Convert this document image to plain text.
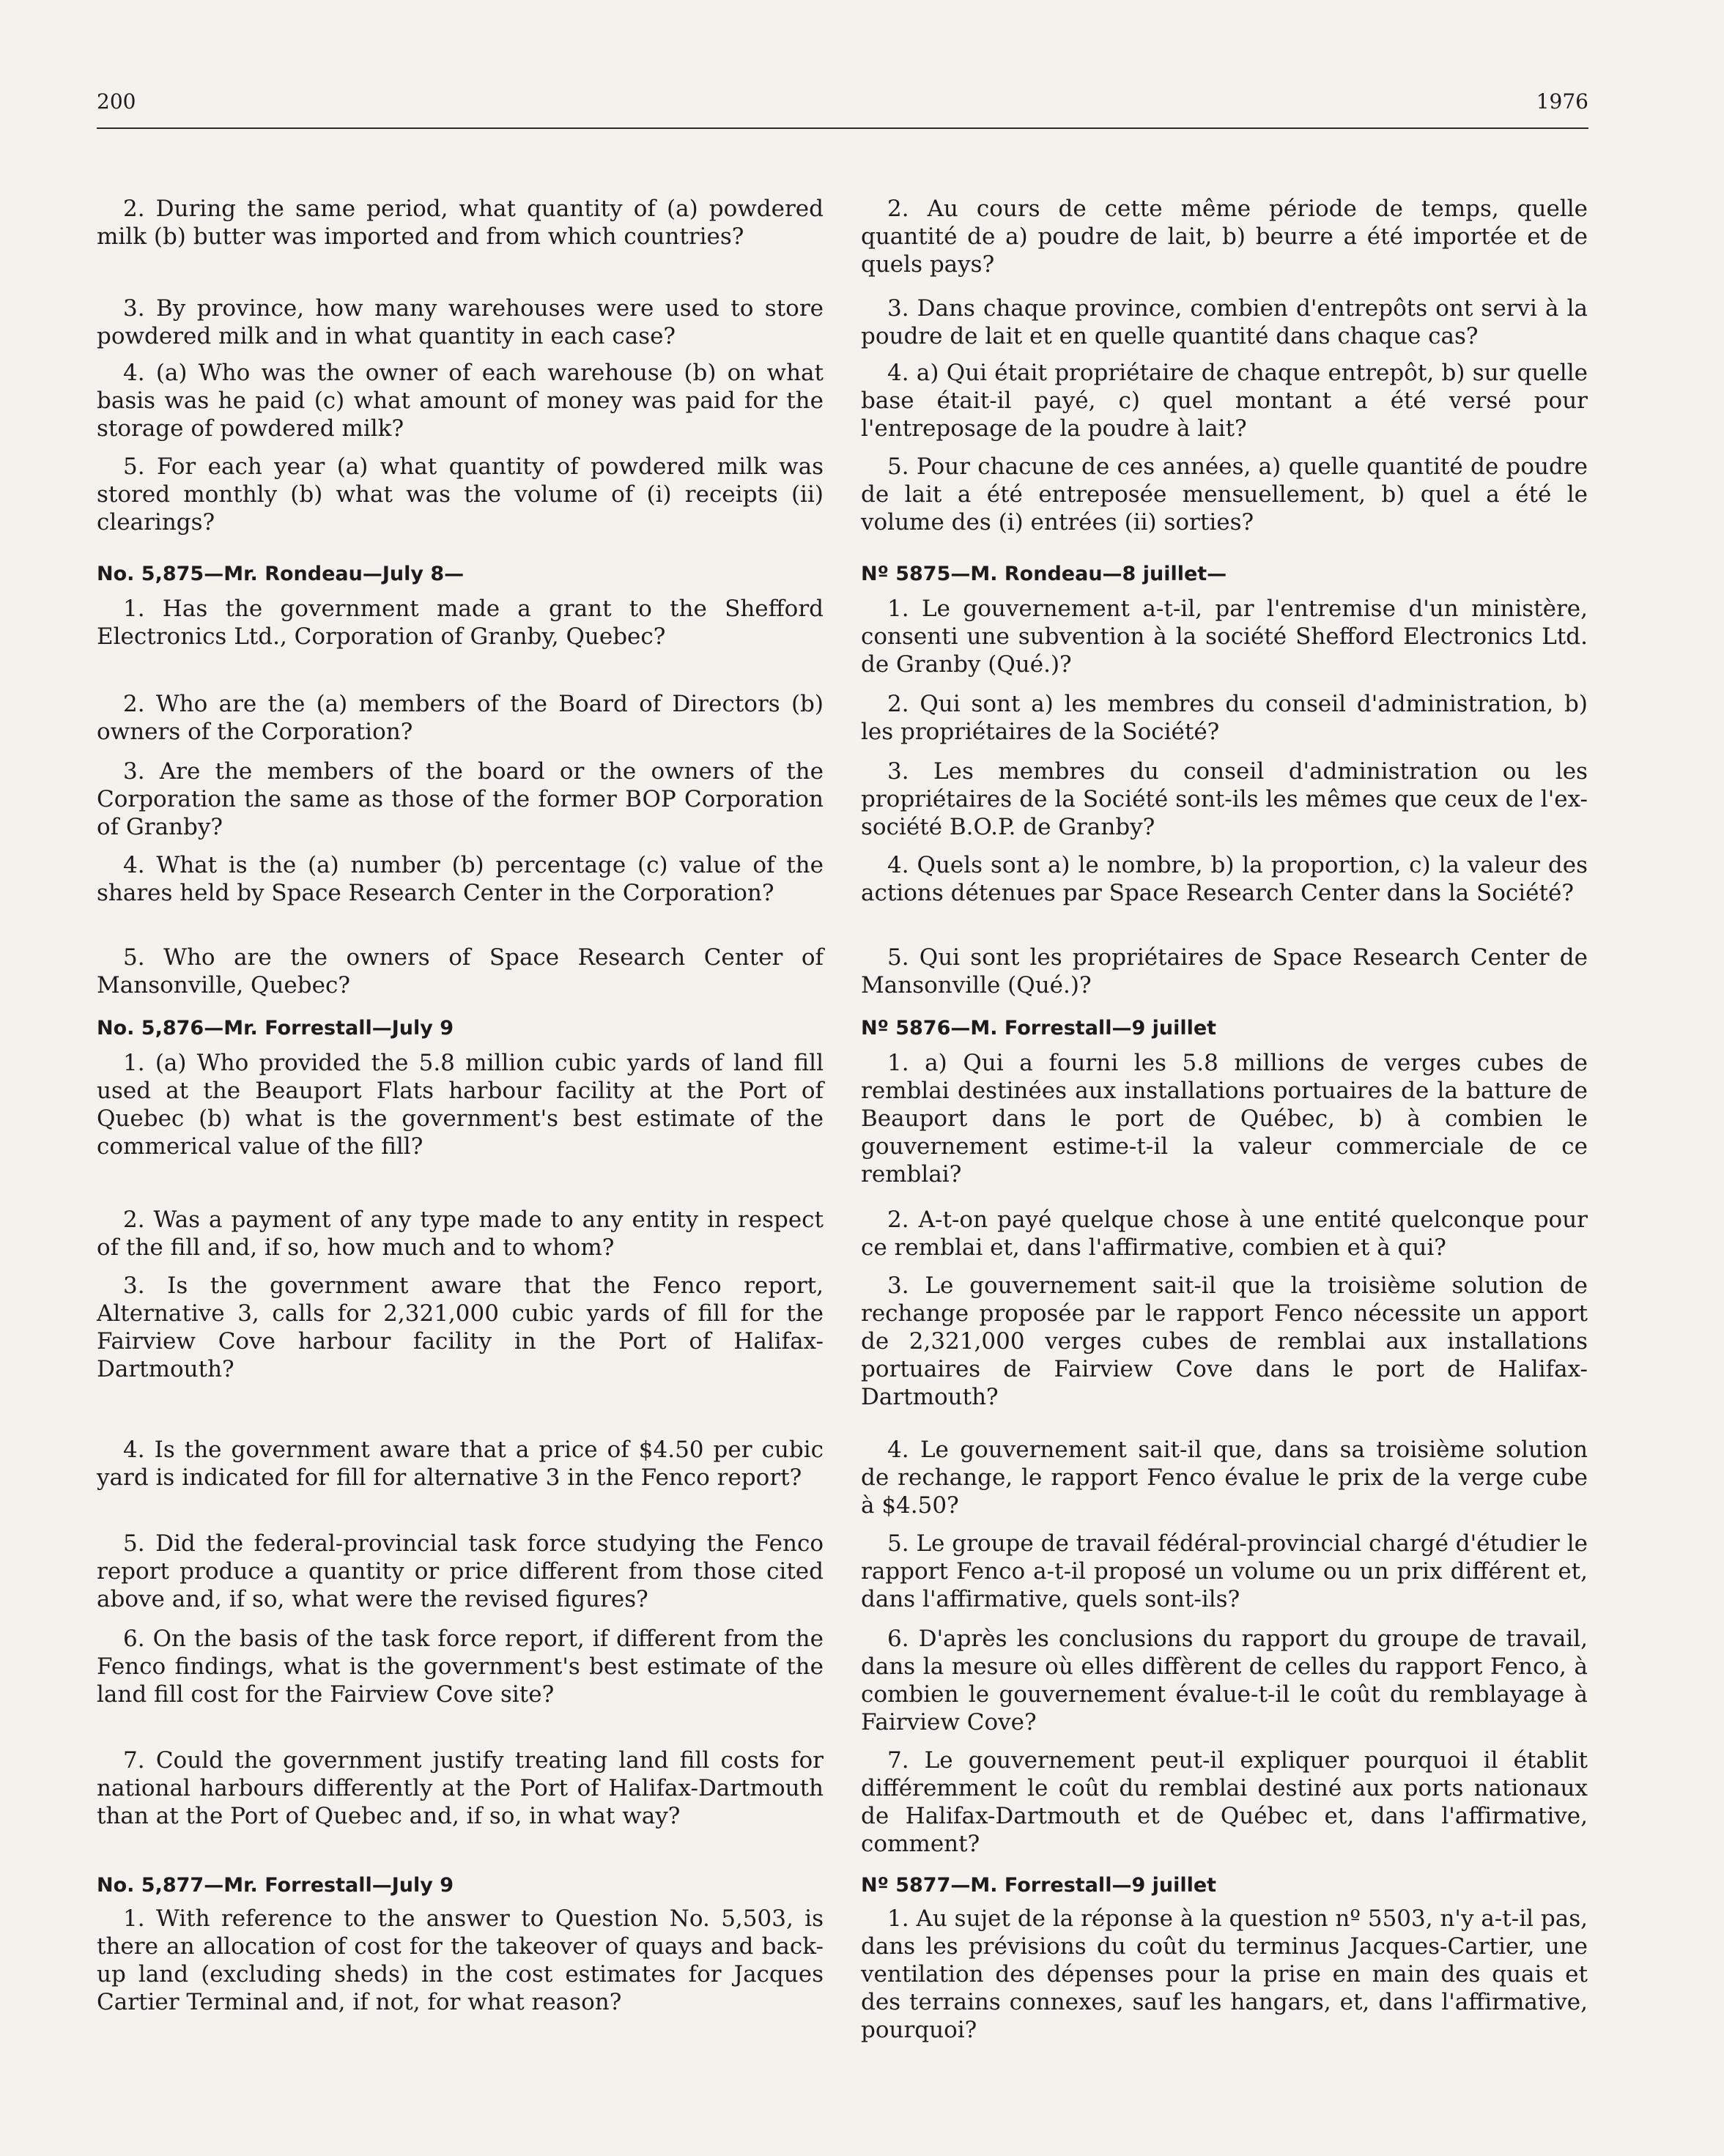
200	1976

2. During the same period, what quantity of (a) powdered milk (b) butter was imported and from which countries?

3. By province, how many warehouses were used to store powdered milk and in what quantity in each case?

4. (a) Who was the owner of each warehouse (b) on what basis was he paid (c) what amount of money was paid for the storage of powdered milk?

5. For each year (a) what quantity of powdered milk was stored monthly (b) what was the volume of (i) receipts (ii) clearings?

No. 5,875—Mr. Rondeau—July 8—

1. Has the government made a grant to the Shefford Electronics Ltd., Corporation of Granby, Quebec?

2. Who are the (a) members of the Board of Directors (b) owners of the Corporation?

3. Are the members of the board or the owners of the Corporation the same as those of the former BOP Corporation of Granby?

4. What is the (a) number (b) percentage (c) value of the shares held by Space Research Center in the Corporation?

5. Who are the owners of Space Research Center of Mansonville, Quebec?

No. 5,876—Mr. Forrestall—July 9

1. (a) Who provided the 5.8 million cubic yards of land fill used at the Beauport Flats harbour facility at the Port of Quebec (b) what is the government's best estimate of the commerical value of the fill?

2. Was a payment of any type made to any entity in respect of the fill and, if so, how much and to whom?

3. Is the government aware that the Fenco report, Alternative 3, calls for 2,321,000 cubic yards of fill for the Fairview Cove harbour facility in the Port of Halifax-Dartmouth?

4. Is the government aware that a price of $4.50 per cubic yard is indicated for fill for alternative 3 in the Fenco report?

5. Did the federal-provincial task force studying the Fenco report produce a quantity or price different from those cited above and, if so, what were the revised figures?

6. On the basis of the task force report, if different from the Fenco findings, what is the government's best estimate of the land fill cost for the Fairview Cove site?

7. Could the government justify treating land fill costs for national harbours differently at the Port of Halifax-Dartmouth than at the Port of Quebec and, if so, in what way?

No. 5,877—Mr. Forrestall—July 9

1. With reference to the answer to Question No. 5,503, is there an allocation of cost for the takeover of quays and back-up land (excluding sheds) in the cost estimates for Jacques Cartier Terminal and, if not, for what reason?

2. Au cours de cette même période de temps, quelle quantité de a) poudre de lait, b) beurre a été importée et de quels pays?

3. Dans chaque province, combien d'entrepôts ont servi à la poudre de lait et en quelle quantité dans chaque cas?

4. a) Qui était propriétaire de chaque entrepôt, b) sur quelle base était-il payé, c) quel montant a été versé pour l'entreposage de la poudre à lait?

5. Pour chacune de ces années, a) quelle quantité de poudre de lait a été entreposée mensuellement, b) quel a été le volume des (i) entrées (ii) sorties?

Nº 5875—M. Rondeau—8 juillet—

1. Le gouvernement a-t-il, par l'entremise d'un ministère, consenti une subvention à la société Shefford Electronics Ltd. de Granby (Qué.)?

2. Qui sont a) les membres du conseil d'administration, b) les propriétaires de la Société?

3. Les membres du conseil d'administration ou les propriétaires de la Société sont-ils les mêmes que ceux de l'ex-société B.O.P. de Granby?

4. Quels sont a) le nombre, b) la proportion, c) la valeur des actions détenues par Space Research Center dans la Société?

5. Qui sont les propriétaires de Space Research Center de Mansonville (Qué.)?

Nº 5876—M. Forrestall—9 juillet

1. a) Qui a fourni les 5.8 millions de verges cubes de remblai destinées aux installations portuaires de la batture de Beauport dans le port de Québec, b) à combien le gouvernement estime-t-il la valeur commerciale de ce remblai?

2. A-t-on payé quelque chose à une entité quelconque pour ce remblai et, dans l'affirmative, combien et à qui?

3. Le gouvernement sait-il que la troisième solution de rechange proposée par le rapport Fenco nécessite un apport de 2,321,000 verges cubes de remblai aux installations portuaires de Fairview Cove dans le port de Halifax-Dartmouth?

4. Le gouvernement sait-il que, dans sa troisième solution de rechange, le rapport Fenco évalue le prix de la verge cube à $4.50?

5. Le groupe de travail fédéral-provincial chargé d'étudier le rapport Fenco a-t-il proposé un volume ou un prix différent et, dans l'affirmative, quels sont-ils?

6. D'après les conclusions du rapport du groupe de travail, dans la mesure où elles diffèrent de celles du rapport Fenco, à combien le gouvernement évalue-t-il le coût du remblayage à Fairview Cove?

7. Le gouvernement peut-il expliquer pourquoi il établit différemment le coût du remblai destiné aux ports nationaux de Halifax-Dartmouth et de Québec et, dans l'affirmative, comment?

Nº 5877—M. Forrestall—9 juillet

1. Au sujet de la réponse à la question nº 5503, n'y a-t-il pas, dans les prévisions du coût du terminus Jacques-Cartier, une ventilation des dépenses pour la prise en main des quais et des terrains connexes, sauf les hangars, et, dans l'affirmative, pourquoi?
